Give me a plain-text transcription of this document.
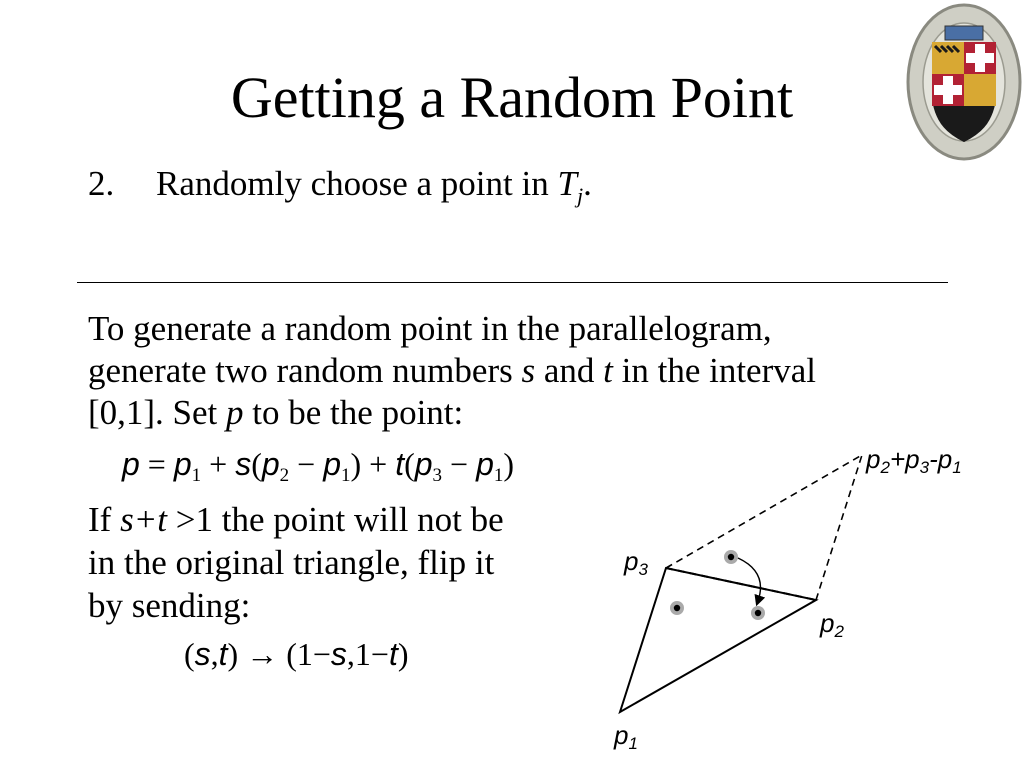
Getting a Random Point
2. Randomly choose a point in $T_j$.
To generate a random point in the parallelogram,
generate two random numbers s and t in the interval
[0,1]. Set p to be the point:
$p = p_1 + s(p_2 - p_1) + t(p_3 - p_1)$
If s+t >1 the point will not be
in the original triangle, flip it
by sending:
(s,t) → (1−s,1−t)
p1
p2
p3
p2+p3-p1
